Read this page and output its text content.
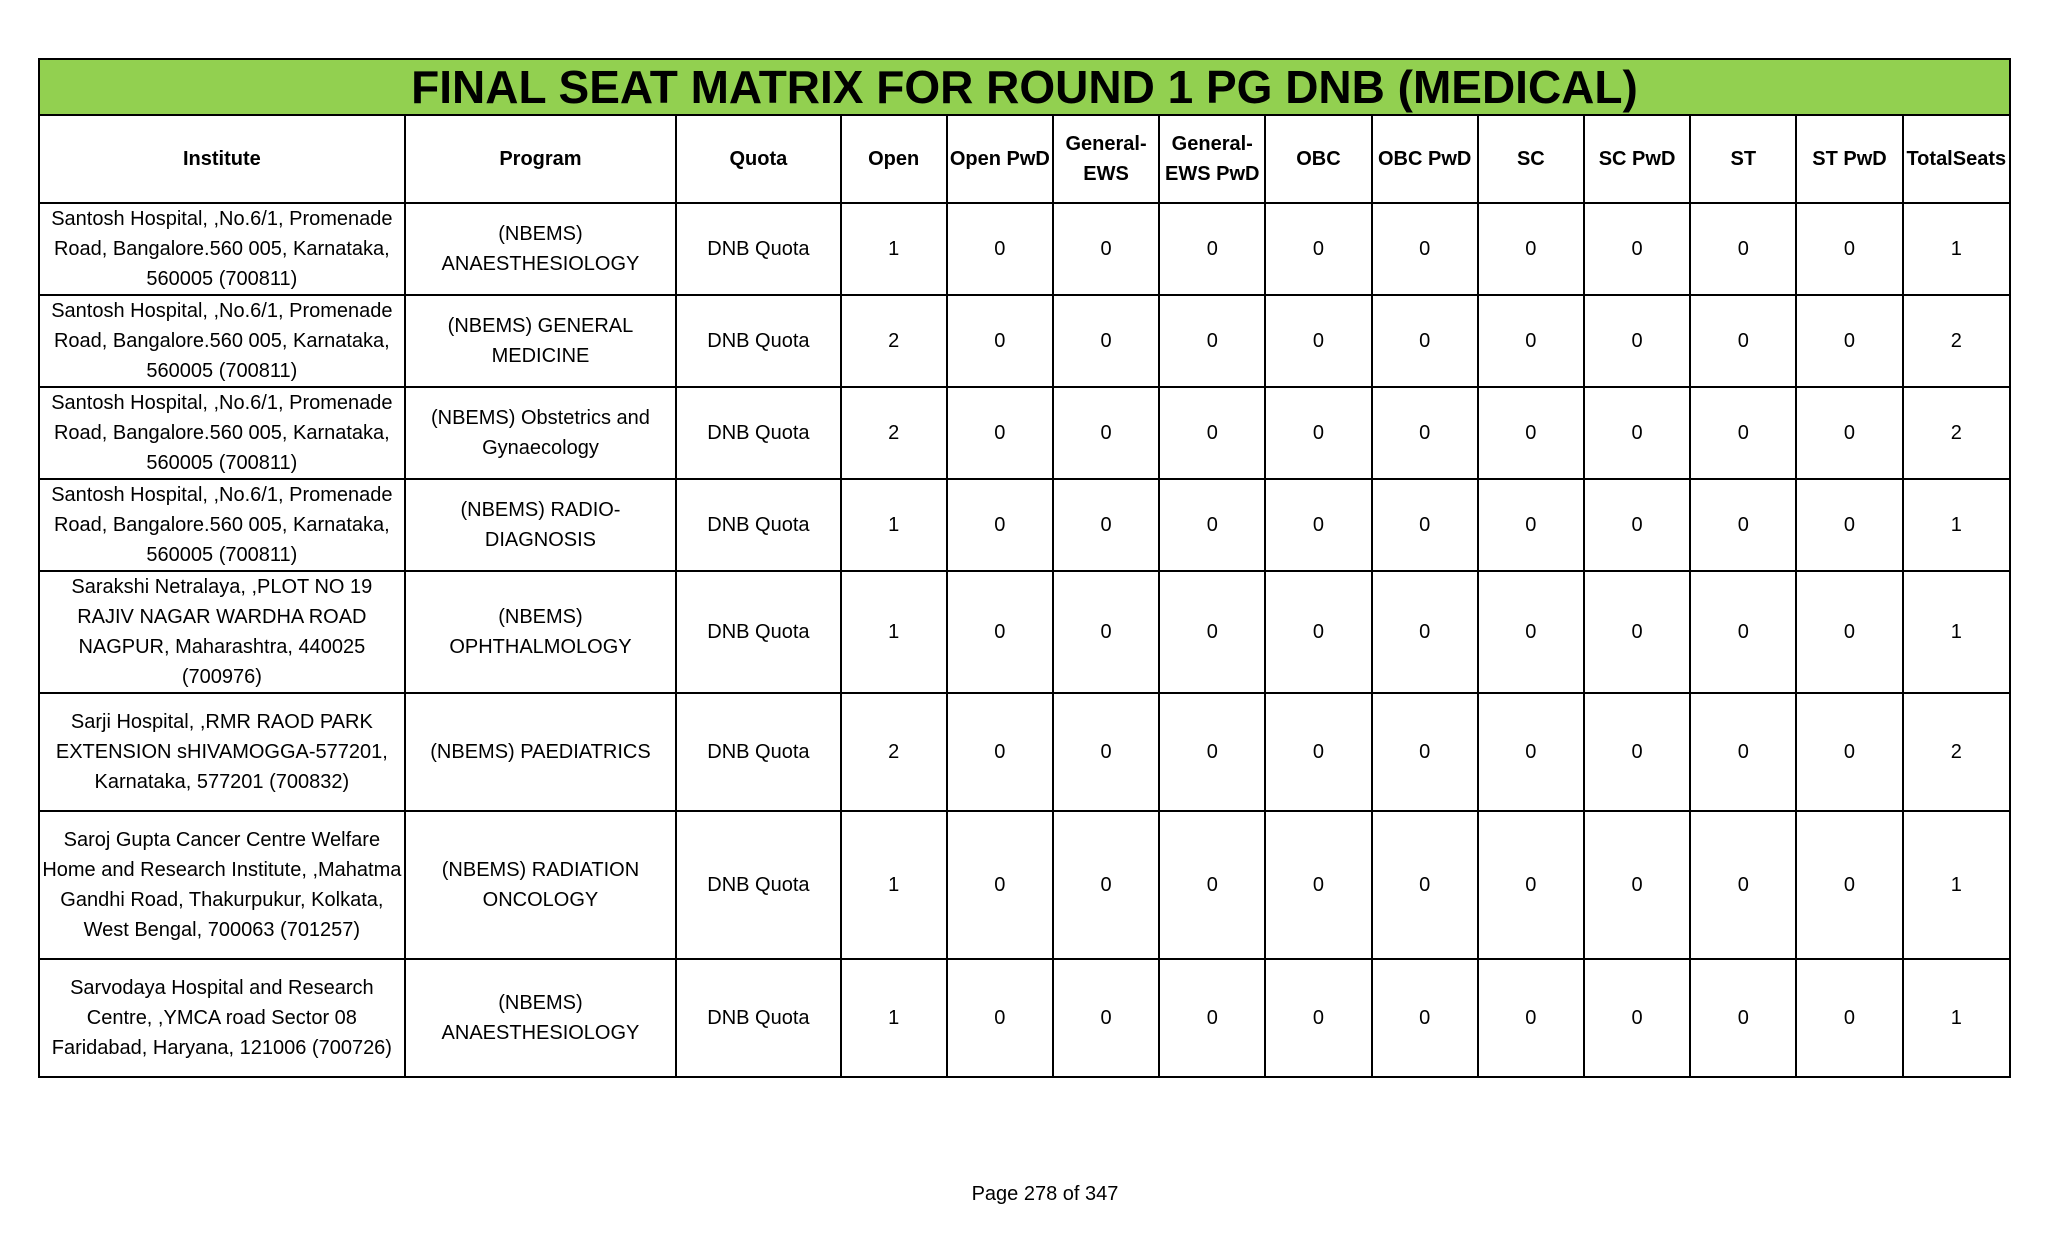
FINAL SEAT MATRIX FOR ROUND 1 PG DNB (MEDICAL)													
Institute	Program	Quota	Open	Open PwD	General-EWS	General-EWS PwD	OBC	OBC PwD	SC	SC PwD	ST	ST PwD	TotalSeats
Santosh Hospital, ,No.6/1, Promenade Road, Bangalore.560 005, Karnataka, 560005 (700811)	(NBEMS) ANAESTHESIOLOGY	DNB Quota	1	0	0	0	0	0	0	0	0	0	1
Santosh Hospital, ,No.6/1, Promenade Road, Bangalore.560 005, Karnataka, 560005 (700811)	(NBEMS) GENERAL MEDICINE	DNB Quota	2	0	0	0	0	0	0	0	0	0	2
Santosh Hospital, ,No.6/1, Promenade Road, Bangalore.560 005, Karnataka, 560005 (700811)	(NBEMS) Obstetrics and Gynaecology	DNB Quota	2	0	0	0	0	0	0	0	0	0	2
Santosh Hospital, ,No.6/1, Promenade Road, Bangalore.560 005, Karnataka, 560005 (700811)	(NBEMS) RADIO-DIAGNOSIS	DNB Quota	1	0	0	0	0	0	0	0	0	0	1
Sarakshi Netralaya, ,PLOT NO 19 RAJIV NAGAR WARDHA ROAD NAGPUR, Maharashtra, 440025 (700976)	(NBEMS) OPHTHALMOLOGY	DNB Quota	1	0	0	0	0	0	0	0	0	0	1
Sarji Hospital, ,RMR RAOD PARK EXTENSION sHIVAMOGGA-577201, Karnataka, 577201 (700832)	(NBEMS) PAEDIATRICS	DNB Quota	2	0	0	0	0	0	0	0	0	0	2
Saroj Gupta Cancer Centre Welfare Home and Research Institute, ,Mahatma Gandhi Road, Thakurpukur, Kolkata, West Bengal, 700063 (701257)	(NBEMS) RADIATION ONCOLOGY	DNB Quota	1	0	0	0	0	0	0	0	0	0	1
Sarvodaya Hospital and Research Centre, ,YMCA road Sector 08 Faridabad, Haryana, 121006 (700726)	(NBEMS) ANAESTHESIOLOGY	DNB Quota	1	0	0	0	0	0	0	0	0	0	1
Page 278 of 347
